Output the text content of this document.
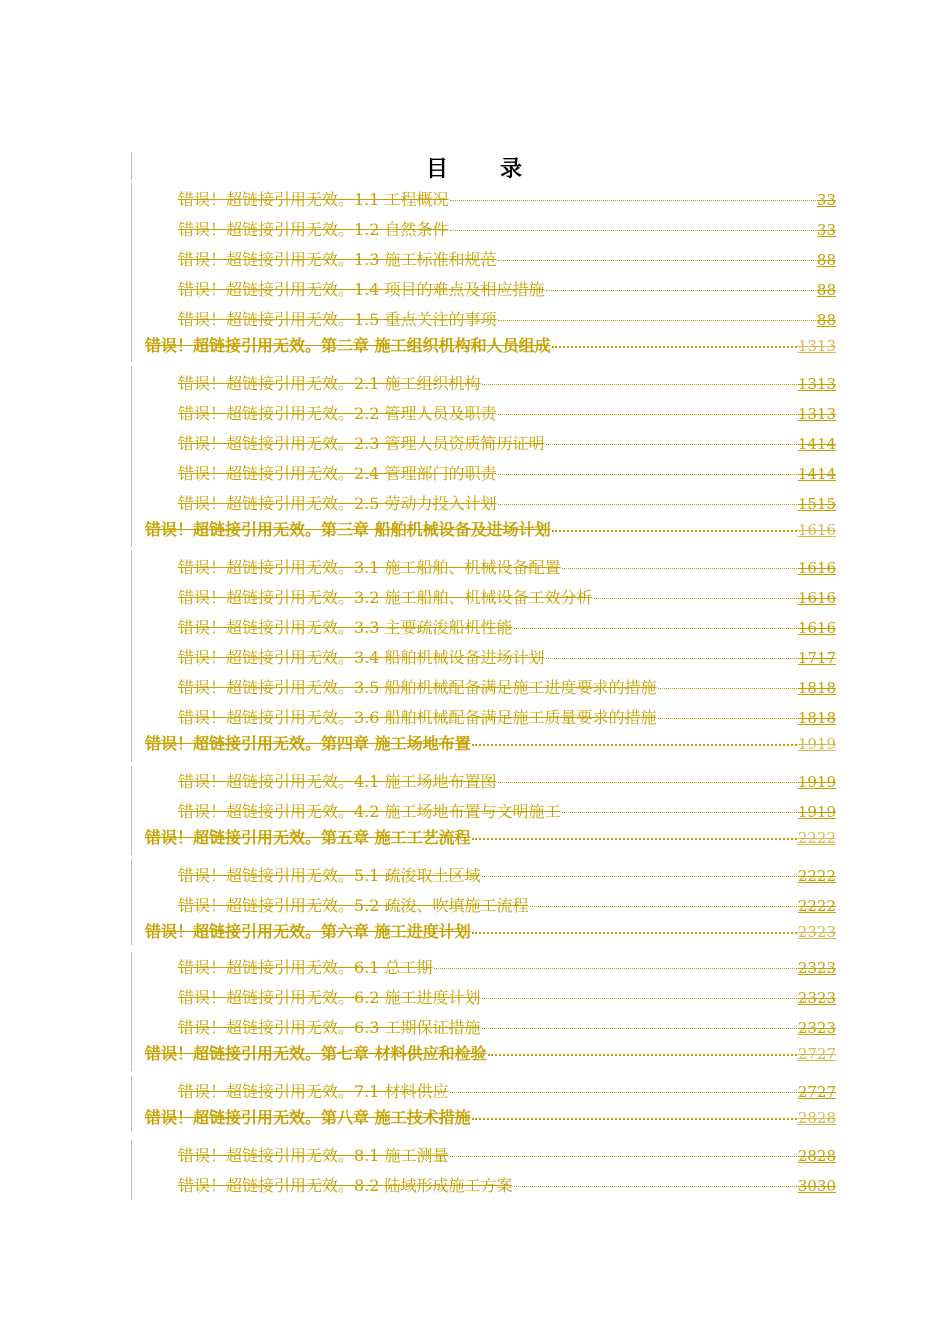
目 录
错误！超链接引用无效。1.1 工程概况	33
错误！超链接引用无效。1.2 自然条件	33
错误！超链接引用无效。1.3 施工标准和规范	88
错误！超链接引用无效。1.4 项目的难点及相应措施	88
错误！超链接引用无效。1.5 重点关注的事项	88
错误！超链接引用无效。第二章 施工组织机构和人员组成	1313
错误！超链接引用无效。2.1 施工组织机构	1313
错误！超链接引用无效。2.2 管理人员及职责	1313
错误！超链接引用无效。2.3 管理人员资质简历证明	1414
错误！超链接引用无效。2.4 管理部门的职责	1414
错误！超链接引用无效。2.5 劳动力投入计划	1515
错误！超链接引用无效。第三章 船舶机械设备及进场计划	1616
错误！超链接引用无效。3.1 施工船舶、机械设备配置	1616
错误！超链接引用无效。3.2 施工船舶、机械设备工效分析	1616
错误！超链接引用无效。3.3 主要疏浚船机性能	1616
错误！超链接引用无效。3.4 船舶机械设备进场计划	1717
错误！超链接引用无效。3.5 船舶机械配备满足施工进度要求的措施	1818
错误！超链接引用无效。3.6 船舶机械配备满足施工质量要求的措施	1818
错误！超链接引用无效。第四章 施工场地布置	1919
错误！超链接引用无效。4.1 施工场地布置图	1919
错误！超链接引用无效。4.2 施工场地布置与文明施工	1919
错误！超链接引用无效。第五章 施工工艺流程	2222
错误！超链接引用无效。5.1 疏浚取土区域	2222
错误！超链接引用无效。5.2 疏浚、吹填施工流程	2222
错误！超链接引用无效。第六章 施工进度计划	2323
错误！超链接引用无效。6.1 总工期	2323
错误！超链接引用无效。6.2 施工进度计划	2323
错误！超链接引用无效。6.3 工期保证措施	2323
错误！超链接引用无效。第七章 材料供应和检验	2727
错误！超链接引用无效。7.1 材料供应	2727
错误！超链接引用无效。第八章 施工技术措施	2828
错误！超链接引用无效。8.1 施工测量	2828
错误！超链接引用无效。8.2 陆域形成施工方案	3030
